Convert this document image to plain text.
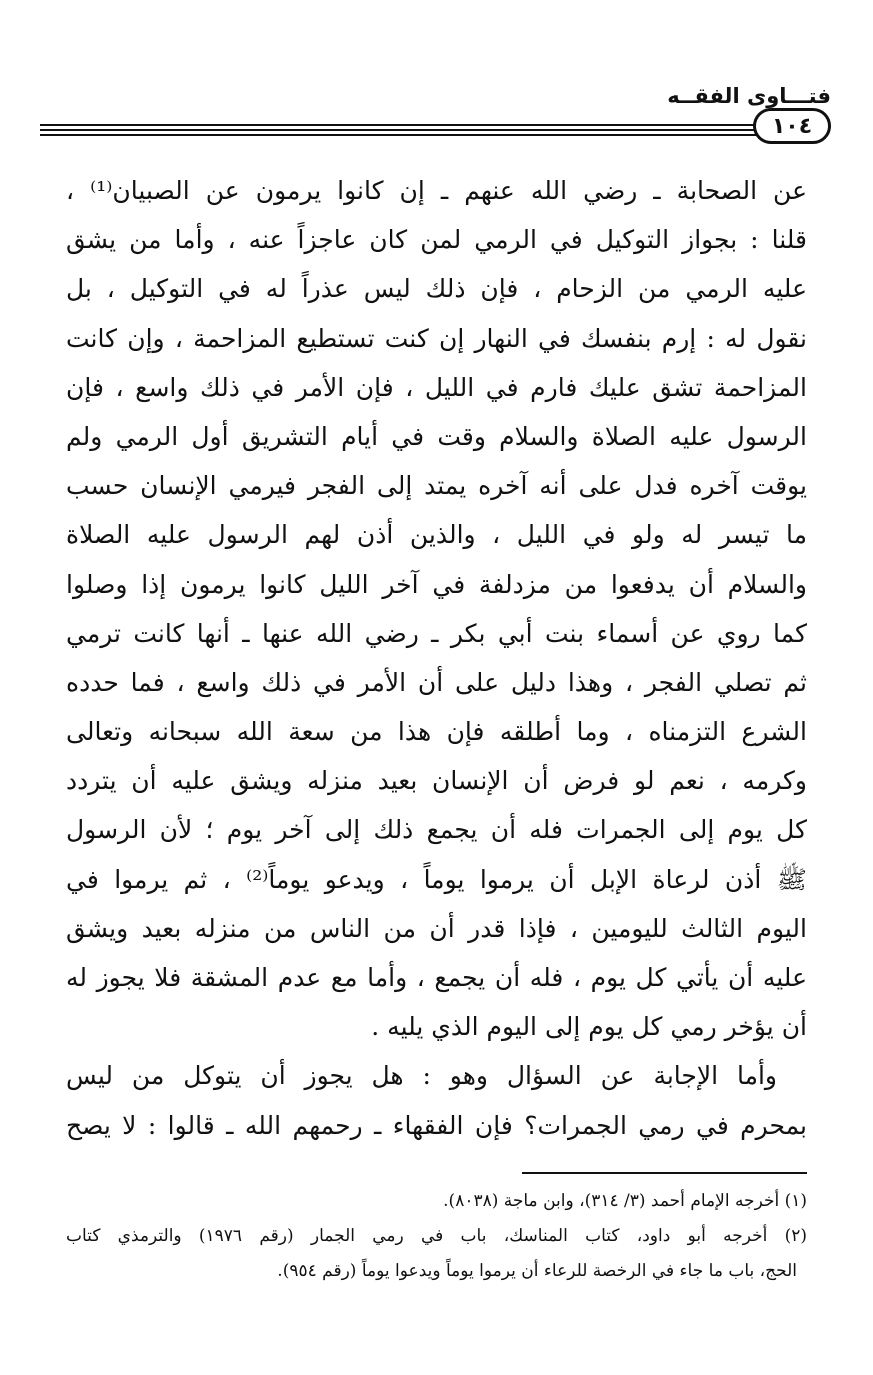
فتـــاوى الفقــه
١٠٤
عن الصحابة ـ رضي الله عنهم ـ إن كانوا يرمون عن الصبيان⁽¹⁾ ،
قلنا : بجواز التوكيل في الرمي لمن كان عاجزاً عنه ، وأما من يشق
عليه الرمي من الزحام ، فإن ذلك ليس عذراً له في التوكيل ، بل
نقول له : إرم بنفسك في النهار إن كنت تستطيع المزاحمة ، وإن كانت
المزاحمة تشق عليك فارم في الليل ، فإن الأمر في ذلك واسع ، فإن
الرسول عليه الصلاة والسلام وقت في أيام التشريق أول الرمي ولم
يوقت آخره فدل على أنه آخره يمتد إلى الفجر فيرمي الإنسان حسب
ما تيسر له ولو في الليل ، والذين أذن لهم الرسول عليه الصلاة
والسلام أن يدفعوا من مزدلفة في آخر الليل كانوا يرمون إذا وصلوا
كما روي عن أسماء بنت أبي بكر ـ رضي الله عنها ـ أنها كانت ترمي
ثم تصلي الفجر ، وهذا دليل على أن الأمر في ذلك واسع ، فما حدده
الشرع التزمناه ، وما أطلقه فإن هذا من سعة الله سبحانه وتعالى
وكرمه ، نعم لو فرض أن الإنسان بعيد منزله ويشق عليه أن يتردد
كل يوم إلى الجمرات فله أن يجمع ذلك إلى آخر يوم ؛ لأن الرسول
ﷺ أذن لرعاة الإبل أن يرموا يوماً ، ويدعو يوماً⁽²⁾ ، ثم يرموا في
اليوم الثالث لليومين ، فإذا قدر أن من الناس من منزله بعيد ويشق
عليه أن يأتي كل يوم ، فله أن يجمع ، وأما مع عدم المشقة فلا يجوز له
أن يؤخر رمي كل يوم إلى اليوم الذي يليه .
وأما الإجابة عن السؤال وهو : هل يجوز أن يتوكل من ليس
بمحرم في رمي الجمرات؟ فإن الفقهاء ـ رحمهم الله ـ قالوا : لا يصح
(١) أخرجه الإمام أحمد (٣/ ٣١٤)، وابن ماجة (٨٠٣٨).
(٢) أخرجه أبو داود، كتاب المناسك، باب في رمي الجمار (رقم ١٩٧٦) والترمذي كتاب
الحج، باب ما جاء في الرخصة للرعاء أن يرموا يوماً ويدعوا يوماً (رقم ٩٥٤).
